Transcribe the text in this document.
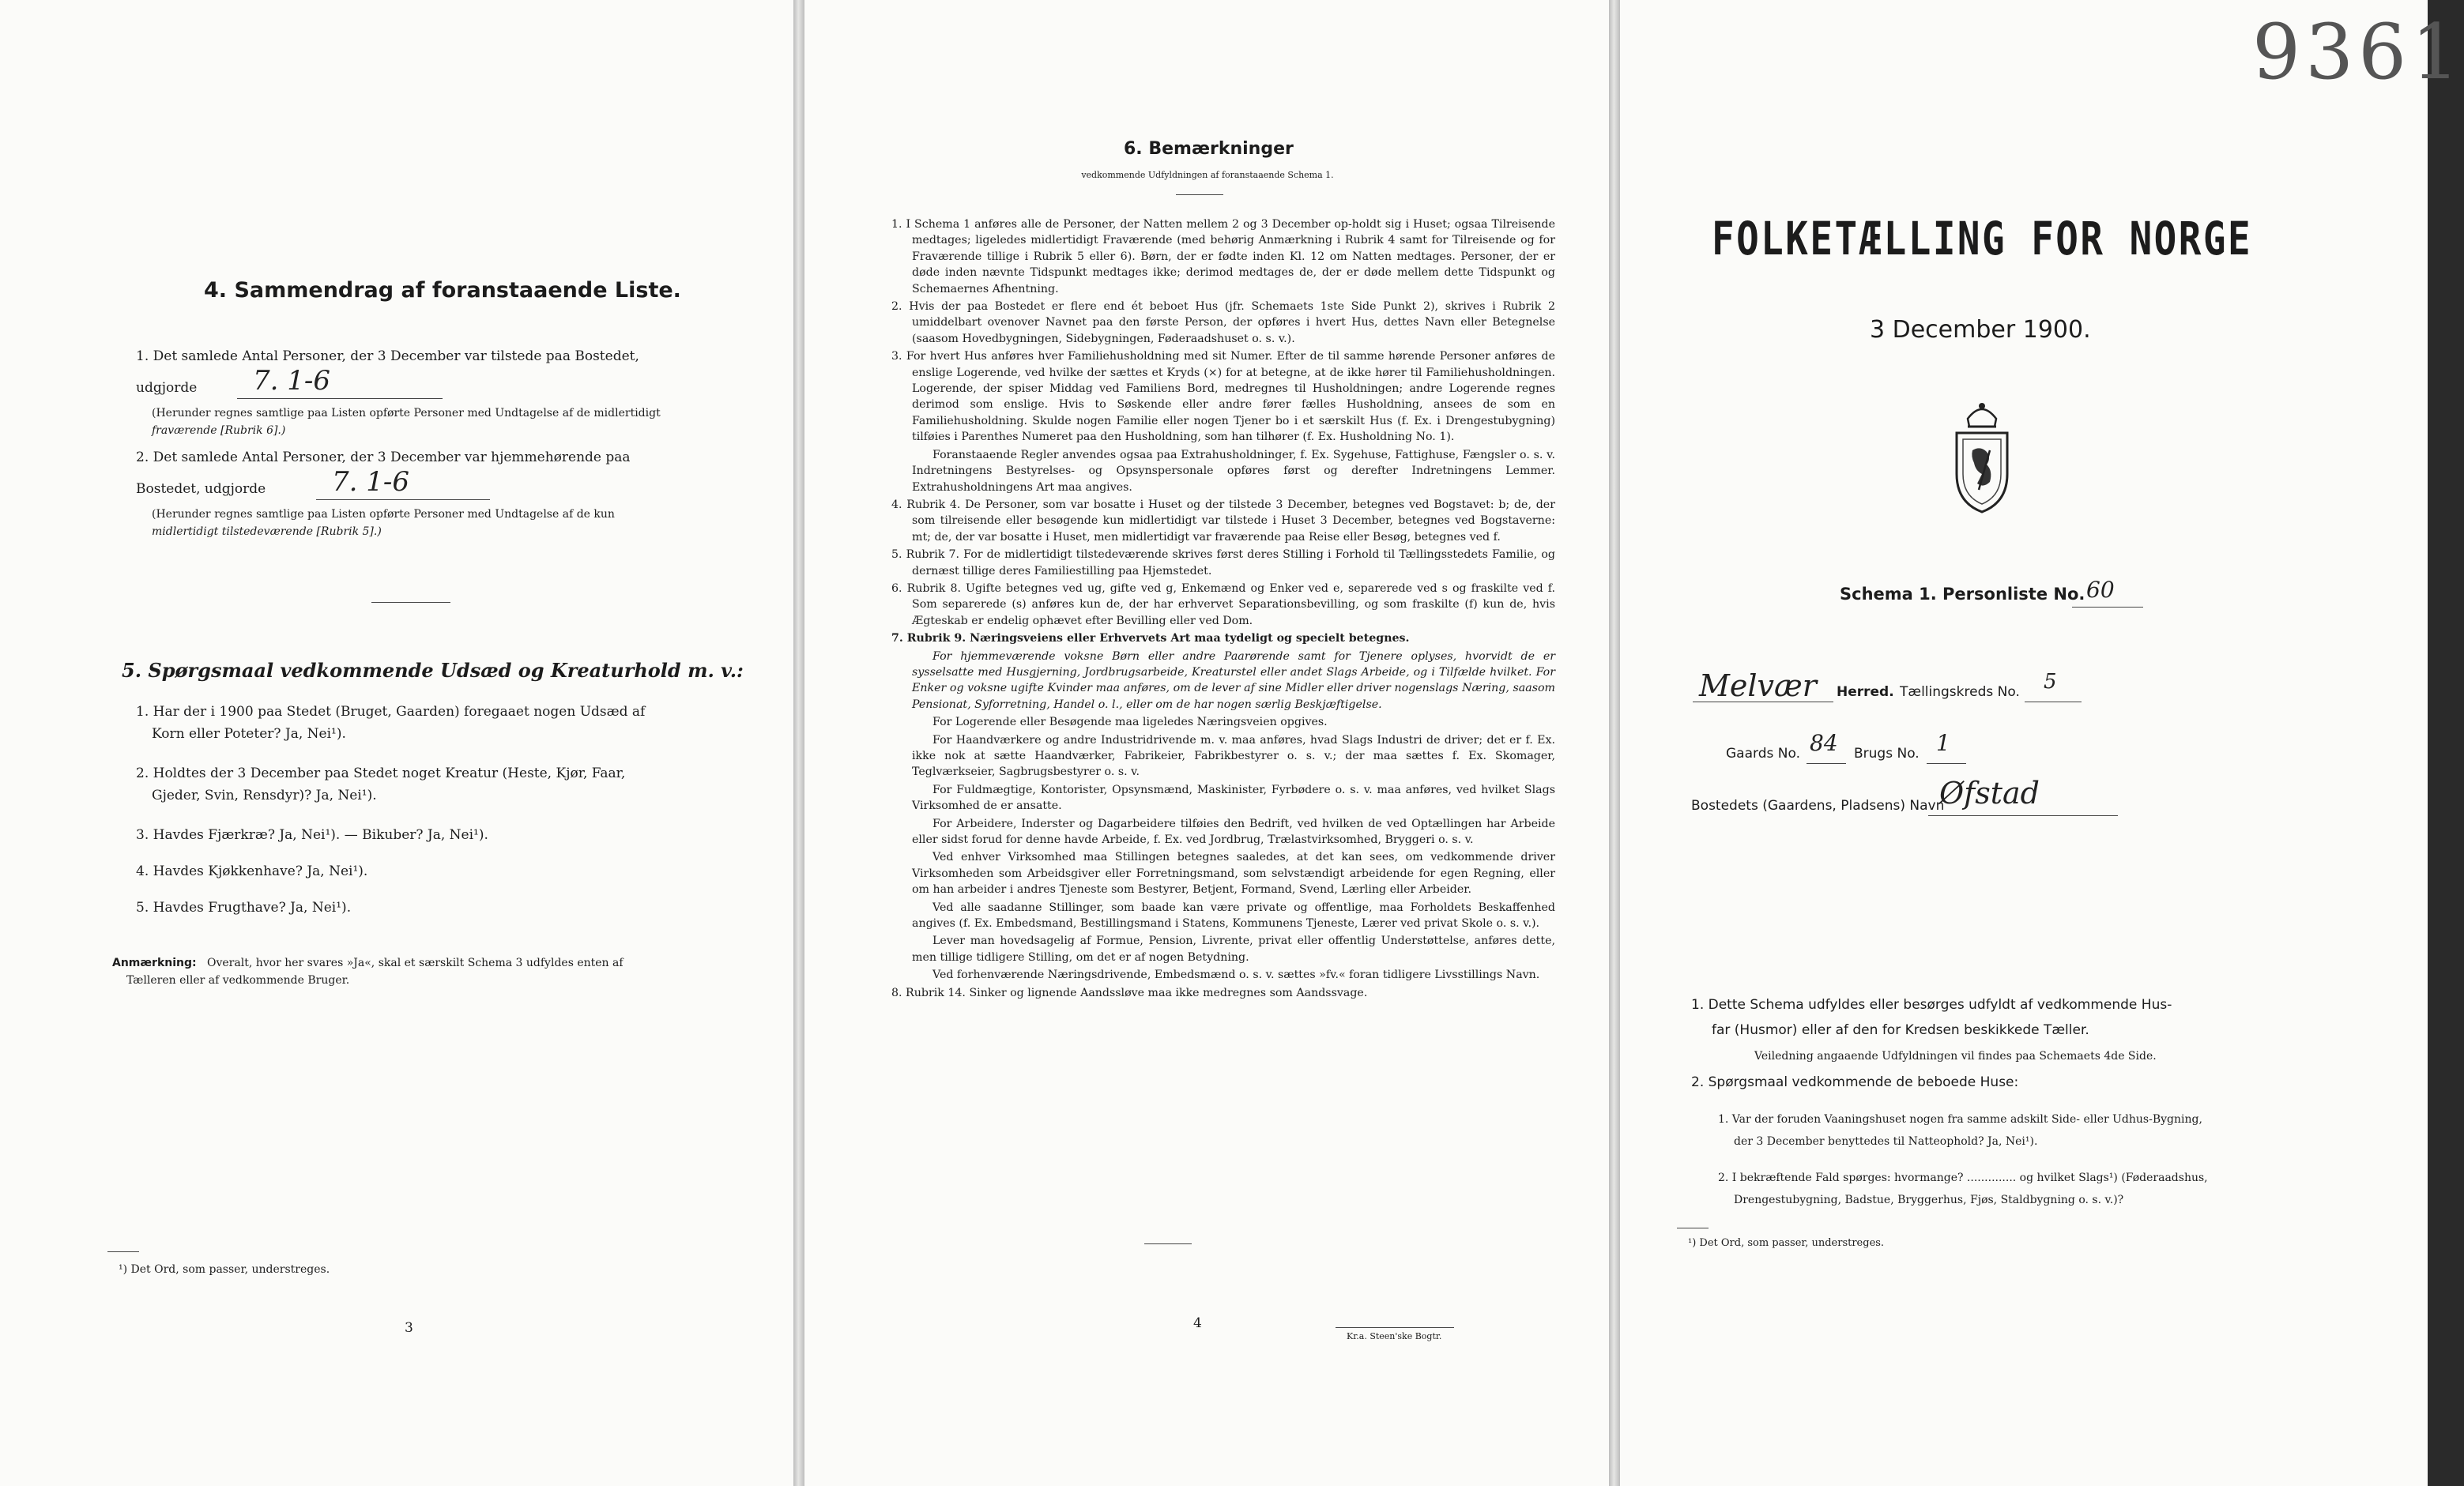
4. Sammendrag af foranstaaende Liste.
1. Det samlede Antal Personer, der 3 December var tilstede paa Bostedet,
udgjorde 7. 1-6
(Herunder regnes samtlige paa Listen opførte Personer med Undtagelse af de midlertidigt
fraværende [Rubrik 6].)
2. Det samlede Antal Personer, der 3 December var hjemmehørende paa
Bostedet, udgjorde 7. 1-6
(Herunder regnes samtlige paa Listen opførte Personer med Undtagelse af de kun
midlertidigt tilstedeværende [Rubrik 5].)
5. Spørgsmaal vedkommende Udsæd og Kreaturhold m. v.:
1. Har der i 1900 paa Stedet (Bruget, Gaarden) foregaaet nogen Udsæd af
Korn eller Poteter? Ja, Nei¹).
2. Holdtes der 3 December paa Stedet noget Kreatur (Heste, Kjør, Faar,
Gjeder, Svin, Rensdyr)? Ja, Nei¹).
3. Havdes Fjærkræ? Ja, Nei¹). — Bikuber? Ja, Nei¹).
4. Havdes Kjøkkenhave? Ja, Nei¹).
5. Havdes Frugthave? Ja, Nei¹).
Anmærkning: Overalt, hvor her svares »Ja«, skal et særskilt Schema 3 udfyldes enten af
Tælleren eller af vedkommende Bruger.
¹) Det Ord, som passer, understreges.
3
6. Bemærkninger
vedkommende Udfyldningen af foranstaaende Schema 1.

1. I Schema 1 anføres alle de Personer, der Natten mellem 2 og 3 December op-holdt sig i Huset; ogsaa Tilreisende medtages; ligeledes midlertidigt Fraværende (med behørig Anmærkning i Rubrik 4 samt for Tilreisende og for Fraværende tillige i Rubrik 5 eller 6). Børn, der er fødte inden Kl. 12 om Natten medtages. Personer, der er døde inden nævnte Tidspunkt medtages ikke; derimod medtages de, der er døde mellem dette Tidspunkt og Schemaernes Afhentning.

2. Hvis der paa Bostedet er flere end ét beboet Hus (jfr. Schemaets 1ste Side Punkt 2), skrives i Rubrik 2 umiddelbart ovenover Navnet paa den første Person, der opføres i hvert Hus, dettes Navn eller Betegnelse (saasom Hovedbygningen, Sidebygningen, Føderaadshuset o. s. v.).

3. For hvert Hus anføres hver Familiehusholdning med sit Numer. Efter de til samme hørende Personer anføres de enslige Logerende, ved hvilke der sættes et Kryds (×) for at betegne, at de ikke hører til Familiehusholdningen. Logerende, der spiser Middag ved Familiens Bord, medregnes til Husholdningen; andre Logerende regnes derimod som enslige. Hvis to Søskende eller andre fører fælles Husholdning, ansees de som en Familiehusholdning. Skulde nogen Familie eller nogen Tjener bo i et særskilt Hus (f. Ex. i Drengestubygning) tilføies i Parenthes Numeret paa den Husholdning, som han tilhører (f. Ex. Husholdning No. 1).

Foranstaaende Regler anvendes ogsaa paa Extrahusholdninger, f. Ex. Sygehuse, Fattighuse, Fængsler o. s. v. Indretningens Bestyrelses- og Opsynspersonale opføres først og derefter Indretningens Lemmer. Extrahusholdningens Art maa angives.

4. Rubrik 4. De Personer, som var bosatte i Huset og der tilstede 3 December, betegnes ved Bogstavet: b; de, der som tilreisende eller besøgende kun midlertidigt var tilstede i Huset 3 December, betegnes ved Bogstaverne: mt; de, der var bosatte i Huset, men midlertidigt var fraværende paa Reise eller Besøg, betegnes ved f.

5. Rubrik 7. For de midlertidigt tilstedeværende skrives først deres Stilling i Forhold til Tællingsstedets Familie, og dernæst tillige deres Familiestilling paa Hjemstedet.

6. Rubrik 8. Ugifte betegnes ved ug, gifte ved g, Enkemænd og Enker ved e, separerede ved s og fraskilte ved f. Som separerede (s) anføres kun de, der har erhvervet Separationsbevilling, og som fraskilte (f) kun de, hvis Ægteskab er endelig ophævet efter Bevilling eller ved Dom.

7. Rubrik 9. Næringsveiens eller Erhvervets Art maa tydeligt og specielt betegnes.

For hjemmeværende voksne Børn eller andre Paarørende samt for Tjenere oplyses, hvorvidt de er sysselsatte med Husgjerning, Jordbrugsarbeide, Kreaturstel eller andet Slags Arbeide, og i Tilfælde hvilket. For Enker og voksne ugifte Kvinder maa anføres, om de lever af sine Midler eller driver nogenslags Næring, saasom Pensionat, Syforretning, Handel o. l., eller om de har nogen særlig Beskjæftigelse.

For Logerende eller Besøgende maa ligeledes Næringsveien opgives.

For Haandværkere og andre Industridrivende m. v. maa anføres, hvad Slags Industri de driver; det er f. Ex. ikke nok at sætte Haandværker, Fabrikeier, Fabrikbestyrer o. s. v.; der maa sættes f. Ex. Skomager, Teglværkseier, Sagbrugsbestyrer o. s. v.

For Fuldmægtige, Kontorister, Opsynsmænd, Maskinister, Fyrbødere o. s. v. maa anføres, ved hvilket Slags Virksomhed de er ansatte.

For Arbeidere, Inderster og Dagarbeidere tilføies den Bedrift, ved hvilken de ved Optællingen har Arbeide eller sidst forud for denne havde Arbeide, f. Ex. ved Jordbrug, Trælastvirksomhed, Bryggeri o. s. v.

Ved enhver Virksomhed maa Stillingen betegnes saaledes, at det kan sees, om vedkommende driver Virksomheden som Arbeidsgiver eller Forretningsmand, som selvstændigt arbeidende for egen Regning, eller om han arbeider i andres Tjeneste som Bestyrer, Betjent, Formand, Svend, Lærling eller Arbeider.

Ved alle saadanne Stillinger, som baade kan være private og offentlige, maa Forholdets Beskaffenhed angives (f. Ex. Embedsmand, Bestillingsmand i Statens, Kommunens Tjeneste, Lærer ved privat Skole o. s. v.).

Lever man hovedsagelig af Formue, Pension, Livrente, privat eller offentlig Understøttelse, anføres dette, men tillige tidligere Stilling, om det er af nogen Betydning.

Ved forhenværende Næringsdrivende, Embedsmænd o. s. v. sættes »fv.« foran tidligere Livsstillings Navn.

8. Rubrik 14. Sinker og lignende Aandssløve maa ikke medregnes som Aandssvage.

4
Kr.a. Steen'ske Bogtr.
9361
FOLKETÆLLING FOR NORGE
3 December 1900.
Schema 1. Personliste No. 60
Melvær Herred. Tællingskreds No. 5
Gaards No. 84 Brugs No. 1
Bostedets (Gaardens, Pladsens) Navn
Øfstad
1. Dette Schema udfyldes eller besørges udfyldt af vedkommende Hus-
far (Husmor) eller af den for Kredsen beskikkede Tæller.
Veiledning angaaende Udfyldningen vil findes paa Schemaets 4de Side.
2. Spørgsmaal vedkommende de beboede Huse:
1. Var der foruden Vaaningshuset nogen fra samme adskilt Side- eller Udhus-Bygning,
der 3 December benyttedes til Natteophold? Ja, Nei¹).
2. I bekræftende Fald spørges: hvormange? .............. og hvilket Slags¹) (Føderaadshus,
Drengestubygning, Badstue, Bryggerhus, Fjøs, Staldbygning o. s. v.)?
¹) Det Ord, som passer, understreges.
